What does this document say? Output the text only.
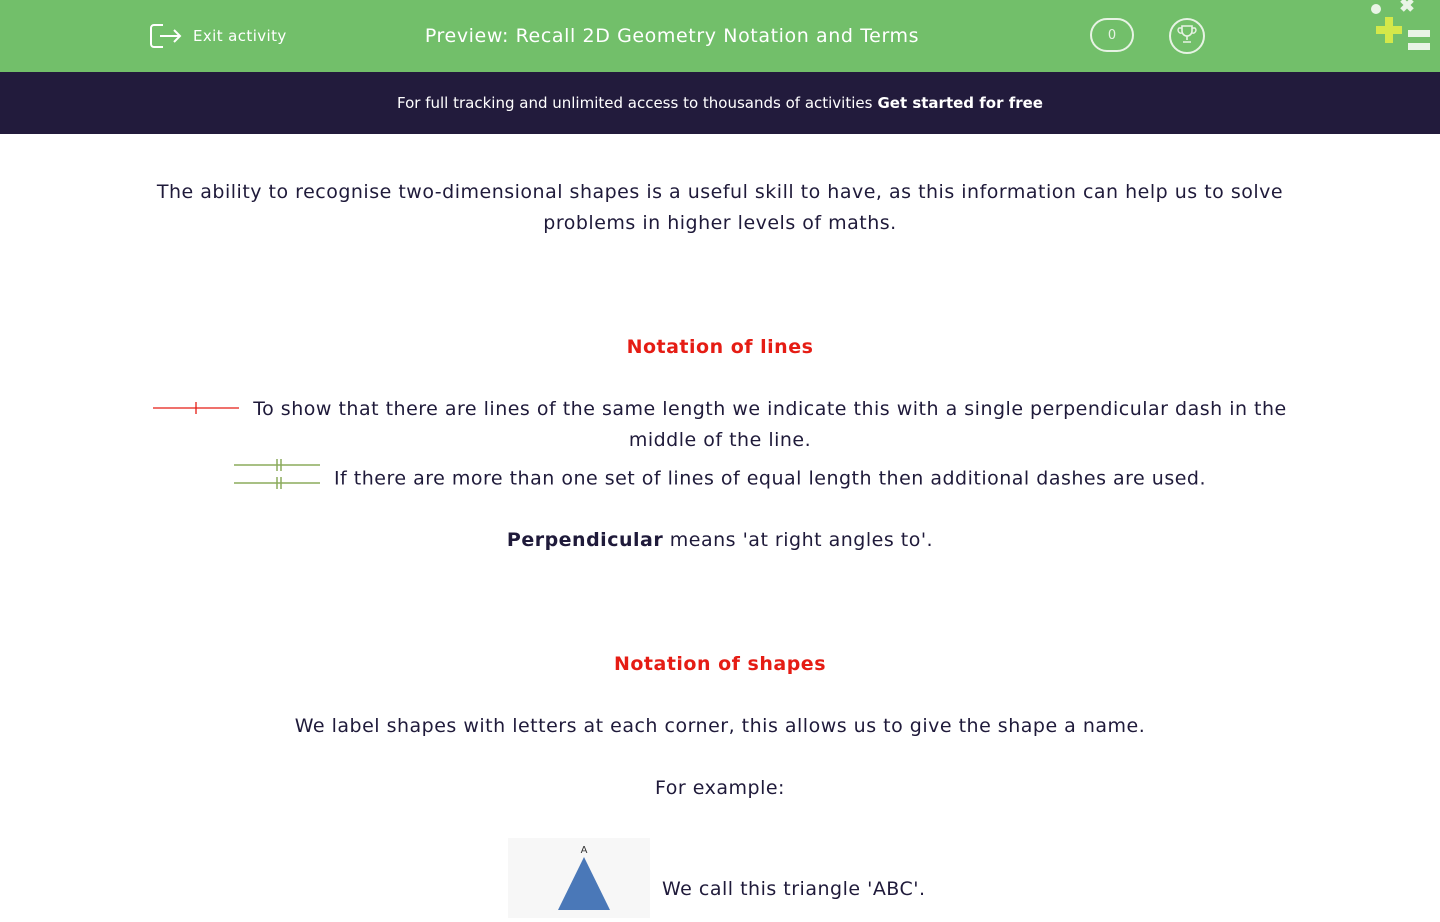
Exit activity	Preview: Recall 2D Geometry Notation and Terms	0
For full tracking and unlimited access to thousands of activities Get started for free
The ability to recognise two-dimensional shapes is a useful skill to have, as this information can help us to solve problems in higher levels of maths.
Notation of lines
To show that there are lines of the same length we indicate this with a single perpendicular dash in the middle of the line.
If there are more than one set of lines of equal length then additional dashes are used.
Perpendicular means 'at right angles to'.
Notation of shapes
We label shapes with letters at each corner, this allows us to give the shape a name.
For example:
A
We call this triangle 'ABC'.
